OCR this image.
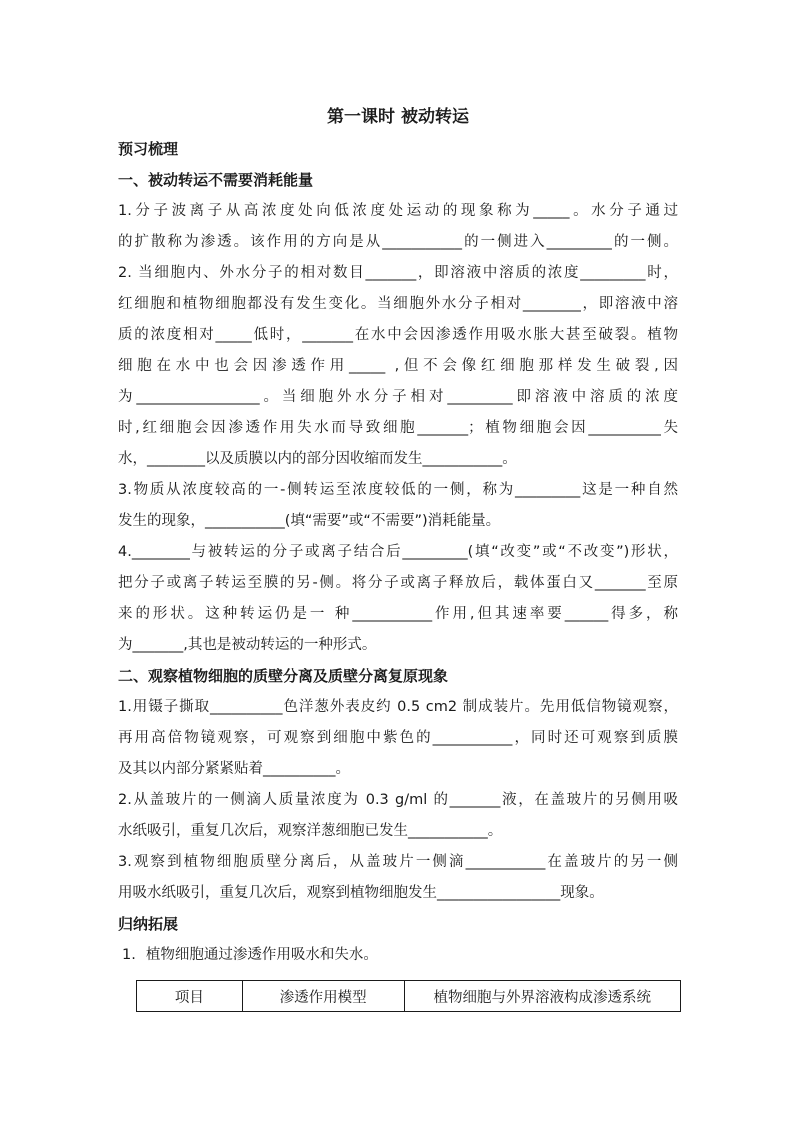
第一课时 被动转运
预习梳理
一、被动转运不需要消耗能量
1.分子波离子从高浓度处向低浓度处运动的现象称为_____。水分子通过
的扩散称为渗透。该作用的方向是从___________的一侧进入_________的一侧。
2. 当细胞内、外水分子的相对数目_______，即溶液中溶质的浓度_________时，
红细胞和植物细胞都没有发生变化。当细胞外水分子相对________，即溶液中溶
质的浓度相对_____低时，_______在水中会因渗透作用吸水胀大甚至破裂。植物
细胞在水中也会因渗透作用_____ ,但不会像红细胞那样发生破裂,因
为_________________。当细胞外水分子相对_________即溶液中溶质的浓度
时,红细胞会因渗透作用失水而导致细胞_______；植物细胞会因__________失
水，________以及质膜以内的部分因收缩而发生___________。
3.物质从浓度较高的一-侧转运至浓度较低的一侧，称为_________这是一种自然
发生的现象，___________(填“需要”或“不需要”)消耗能量。
4.________与被转运的分子或离子结合后_________(填“改变”或“不改变”)形状，
把分子或离子转运至膜的另-侧。将分子或离子释放后，载体蛋白又_______至原
来的形状。这种转运仍是一 种___________作用,但其速率要______得多，称
为_______,其也是被动转运的一种形式。
二、观察植物细胞的质壁分离及质壁分离复原现象
1.用镊子撕取__________色洋葱外表皮约 0.5 cm2 制成装片。先用低信物镜观察，
再用高倍物镜观察，可观察到细胞中紫色的___________，同时还可观察到质膜
及其以内部分紧紧贴着__________。
2.从盖玻片的一侧滴人质量浓度为 0.3 g/ml 的_______液，在盖玻片的另侧用吸
水纸吸引，重复几次后，观察洋葱细胞已发生___________。
3.观察到植物细胞质壁分离后，从盖玻片一侧滴___________在盖玻片的另一侧
用吸水纸吸引，重复几次后，观察到植物细胞发生_________________现象。
归纳拓展
1. 植物细胞通过渗透作用吸水和失水。
项目	渗透作用模型	植物细胞与外界溶液构成渗透系统
